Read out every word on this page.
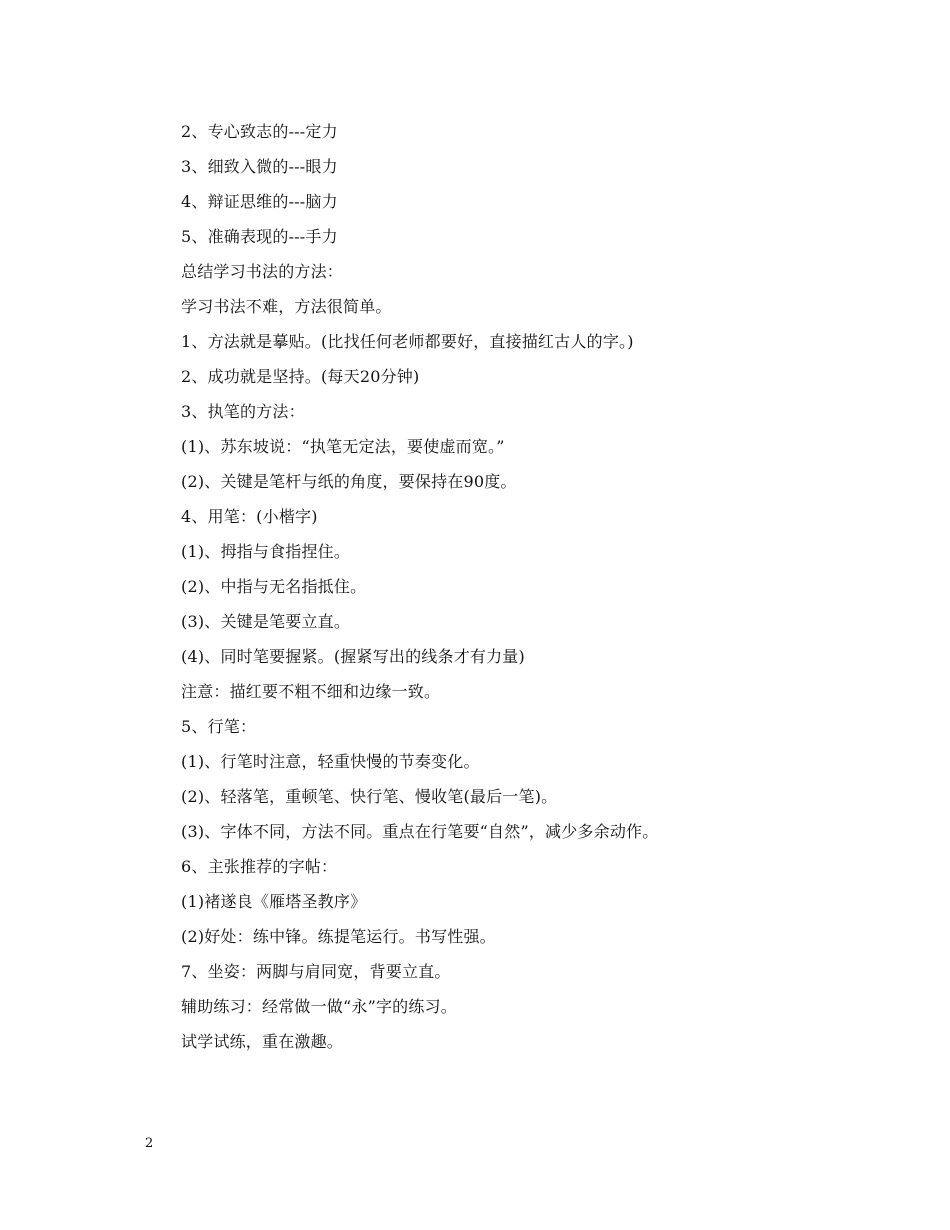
2、专心致志的---定力
3、细致入微的---眼力
4、辩证思维的---脑力
5、准确表现的---手力
总结学习书法的方法：
学习书法不难，方法很简单。
1、方法就是摹贴。(比找任何老师都要好，直接描红古人的字。)
2、成功就是坚持。(每天20分钟)
3、执笔的方法：
(1)、苏东坡说：“执笔无定法，要使虚而宽。”
(2)、关键是笔杆与纸的角度，要保持在90度。
4、用笔：(小楷字)
(1)、拇指与食指捏住。
(2)、中指与无名指抵住。
(3)、关键是笔要立直。
(4)、同时笔要握紧。(握紧写出的线条才有力量)
注意：描红要不粗不细和边缘一致。
5、行笔：
(1)、行笔时注意，轻重快慢的节奏变化。
(2)、轻落笔，重顿笔、快行笔、慢收笔(最后一笔)。
(3)、字体不同，方法不同。重点在行笔要“自然”，减少多余动作。
6、主张推荐的字帖：
(1)褚遂良《雁塔圣教序》
(2)好处：练中锋。练提笔运行。书写性强。
7、坐姿：两脚与肩同宽，背要立直。
辅助练习：经常做一做“永”字的练习。
试学试练，重在激趣。
2
